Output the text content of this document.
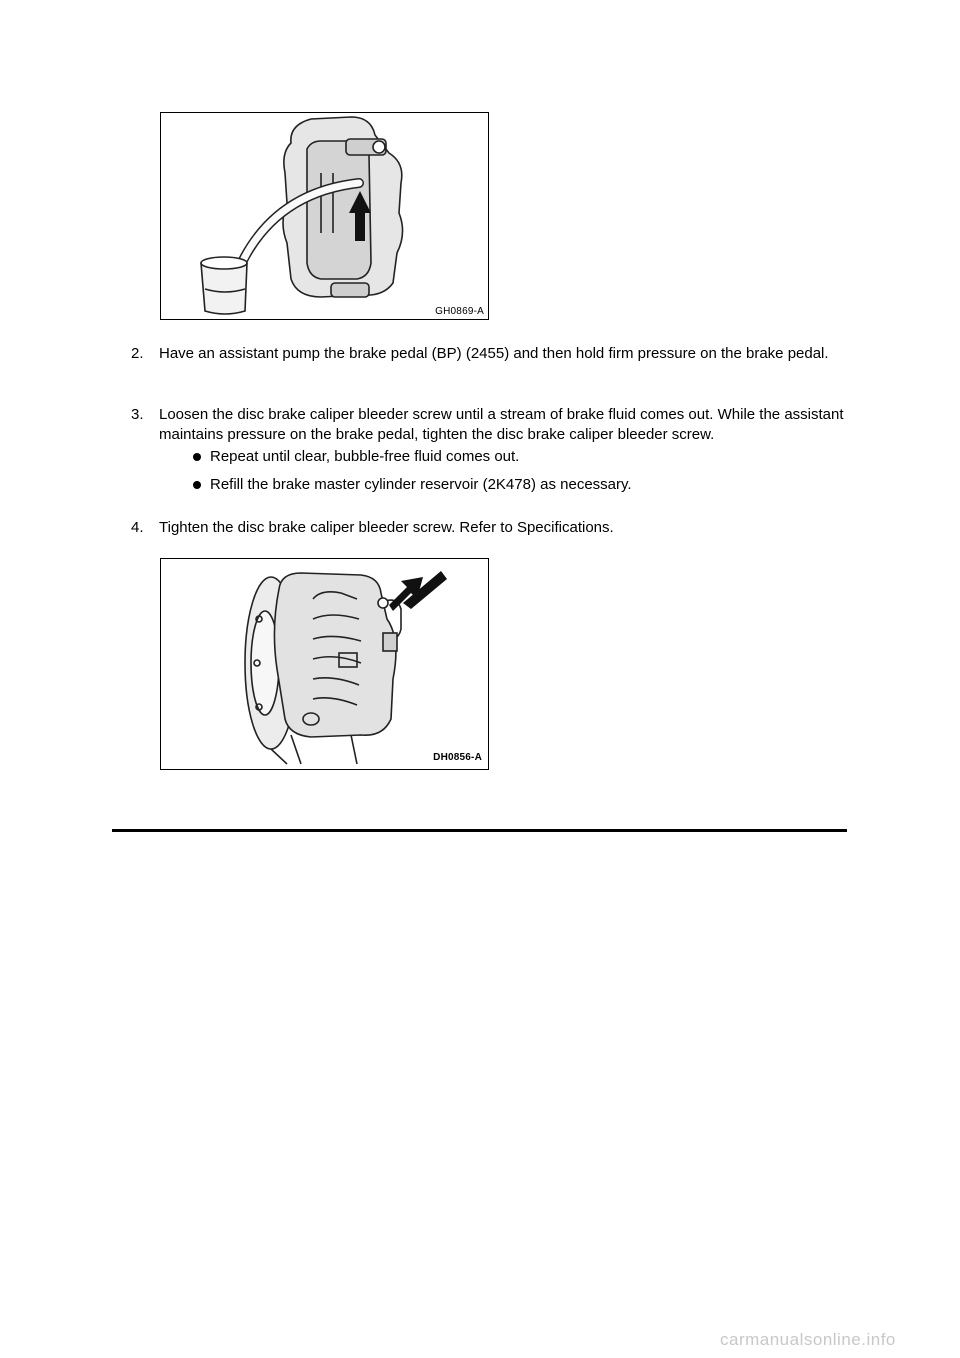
GH0869-A
2. Have an assistant pump the brake pedal (BP) (2455) and then hold firm pressure on the brake pedal.
3. Loosen the disc brake caliper bleeder screw until a stream of brake fluid comes out. While the assistant maintains pressure on the brake pedal, tighten the disc brake caliper bleeder screw.
Repeat until clear, bubble-free fluid comes out.
Refill the brake master cylinder reservoir (2K478) as necessary.
4. Tighten the disc brake caliper bleeder screw. Refer to Specifications.
DH0856-A
carmanualsonline.info
